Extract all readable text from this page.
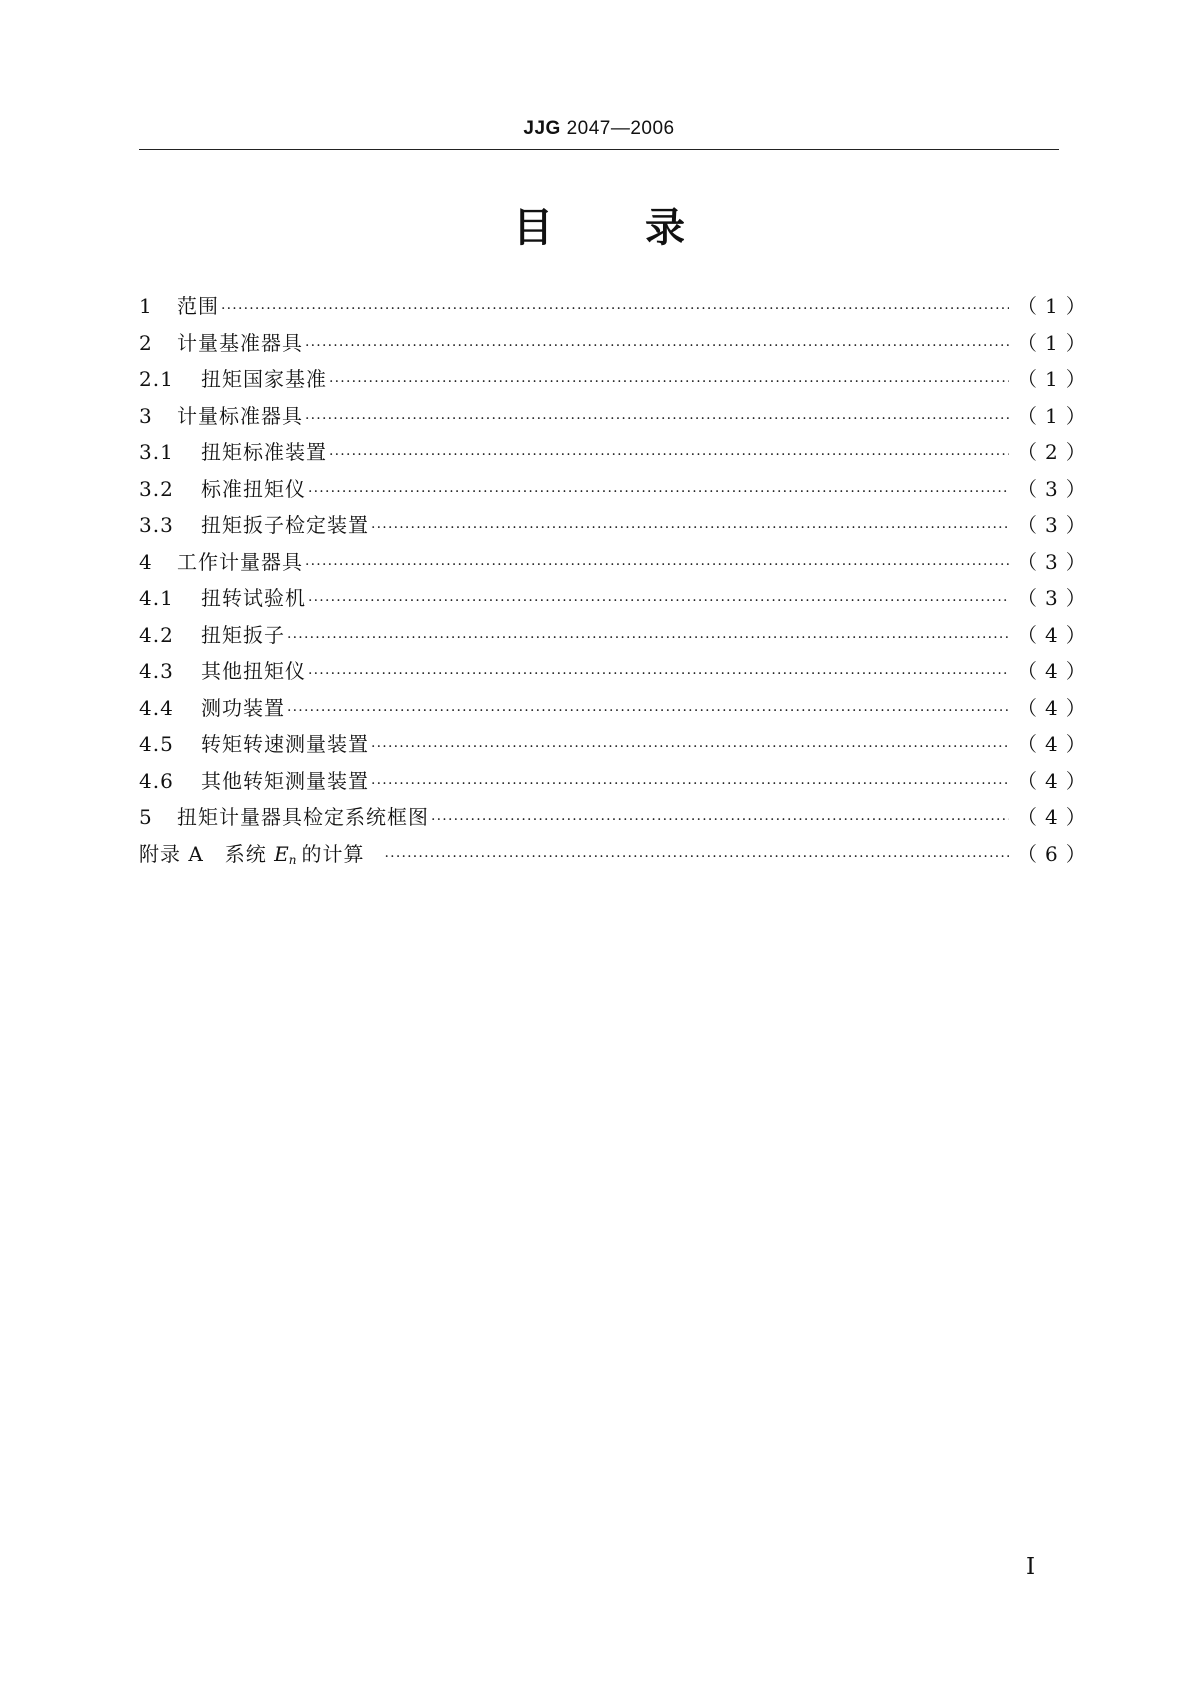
JJG 2047—2006
目 录
1	范围 ·····	（1）
2	计量基准器具 ·····	（1）
2.1	扭矩国家基准 ·····	（1）
3	计量标准器具 ·····	（1）
3.1	扭矩标准装置 ·····	（2）
3.2	标准扭矩仪 ·····	（3）
3.3	扭矩扳子检定装置 ·····	（3）
4	工作计量器具 ·····	（3）
4.1	扭转试验机 ·····	（3）
4.2	扭矩扳子 ·····	（4）
4.3	其他扭矩仪 ·····	（4）
4.4	测功装置 ·····	（4）
4.5	转矩转速测量装置 ·····	（4）
4.6	其他转矩测量装置 ·····	（4）
5	扭矩计量器具检定系统框图 ·····	（4）
附录 A　系统 En 的计算 ·····	（6）
I
